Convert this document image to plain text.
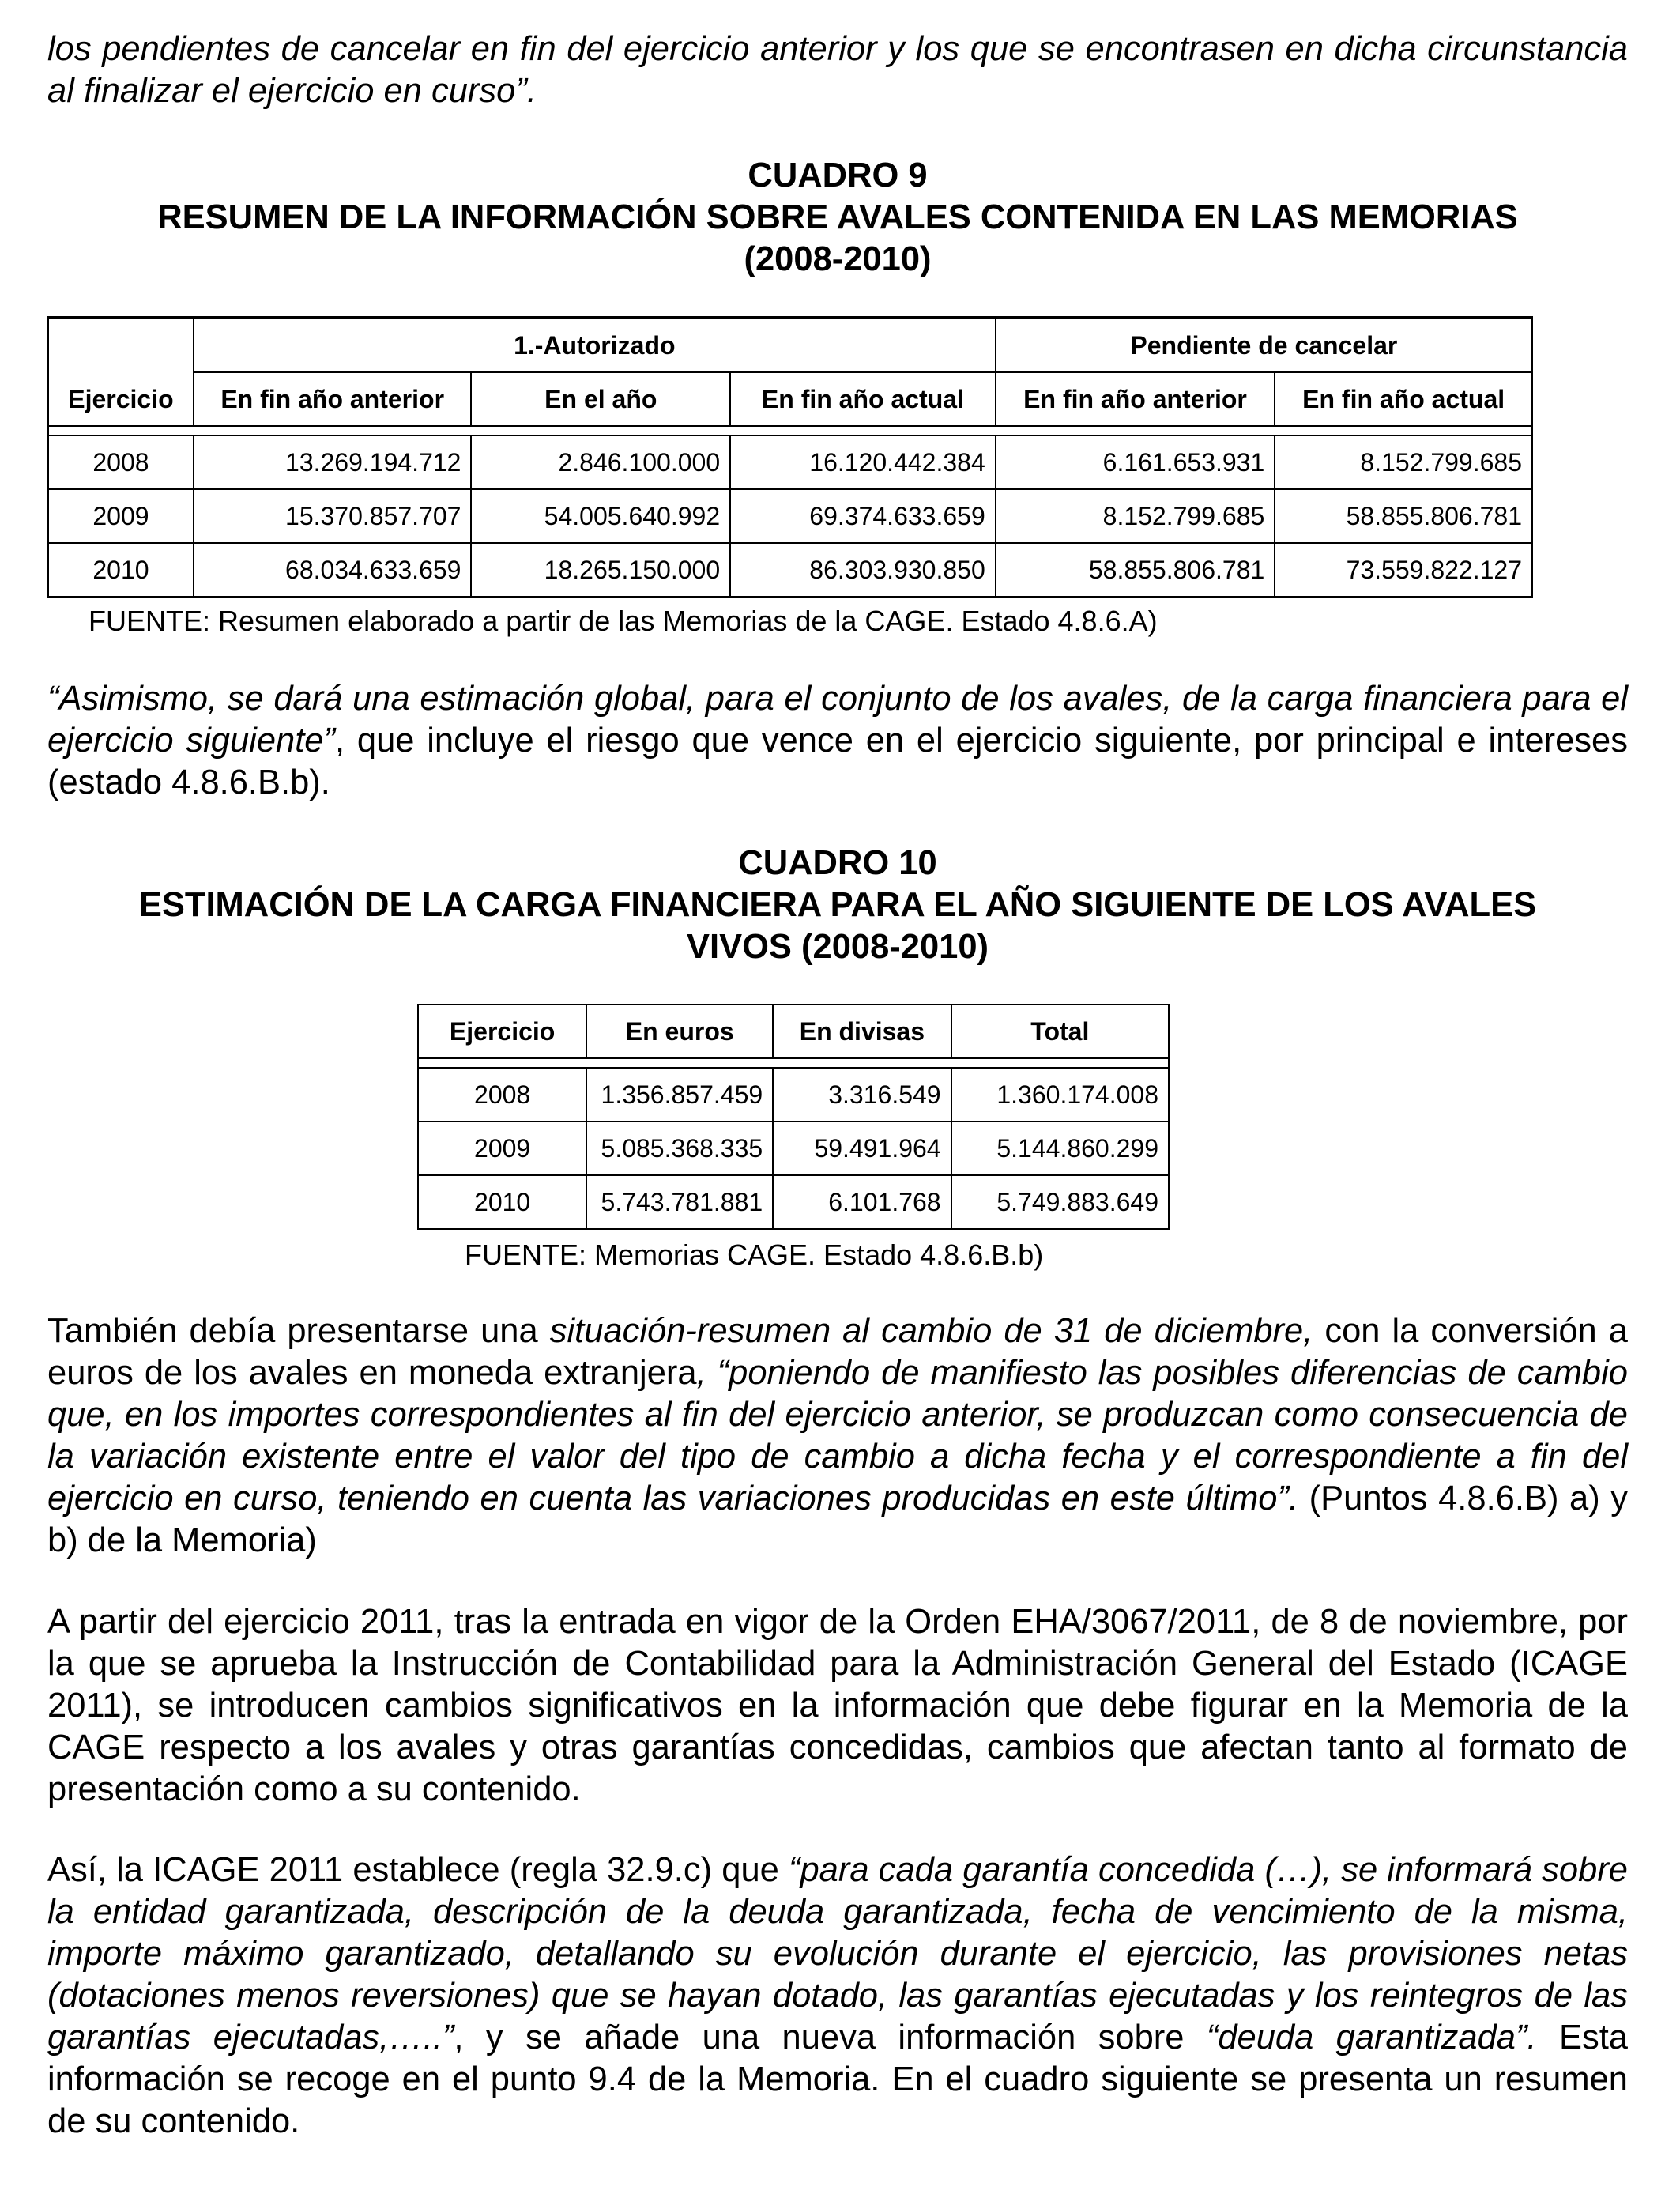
los pendientes de cancelar en fin del ejercicio anterior y los que se encontrasen en dicha circunstancia al finalizar el ejercicio en curso”.

CUADRO 9

RESUMEN DE LA INFORMACIÓN SOBRE AVALES CONTENIDA EN LAS MEMORIAS

(2008-2010)

“Asimismo, se dará una estimación global, para el conjunto de los avales, de la carga financiera para el ejercicio siguiente”, que incluye el riesgo que vence en el ejercicio siguiente, por principal e intereses (estado 4.8.6.B.b).

CUADRO 10

ESTIMACIÓN DE LA CARGA FINANCIERA PARA EL AÑO SIGUIENTE DE LOS AVALES

VIVOS (2008-2010)

También debía presentarse una situación-resumen al cambio de 31 de diciembre, con la conversión a euros de los avales en moneda extranjera, “poniendo de manifiesto las posibles diferencias de cambio que, en los importes correspondientes al fin del ejercicio anterior, se produzcan como consecuencia de la variación existente entre el valor del tipo de cambio a dicha fecha y el correspondiente a fin del ejercicio en curso, teniendo en cuenta las variaciones producidas en este último”. (Puntos 4.8.6.B) a) y b) de la Memoria)

A partir del ejercicio 2011, tras la entrada en vigor de la Orden EHA/3067/2011, de 8 de noviembre, por la que se aprueba la Instrucción de Contabilidad para la Administración General del Estado (ICAGE 2011), se introducen cambios significativos en la información que debe figurar en la Memoria de la CAGE respecto a los avales y otras garantías concedidas, cambios que afectan tanto al formato de presentación como a su contenido.

Así, la ICAGE 2011 establece (regla 32.9.c) que “para cada garantía concedida (…), se informará sobre la entidad garantizada, descripción de la deuda garantizada, fecha de vencimiento de la misma, importe máximo garantizado, detallando su evolución durante el ejercicio, las provisiones netas (dotaciones menos reversiones) que se hayan dotado, las garantías ejecutadas y los reintegros de las garantías ejecutadas,…..”, y se añade una nueva información sobre “deuda garantizada”. Esta información se recoge en el punto 9.4 de la Memoria. En el cuadro siguiente se presenta un resumen de su contenido.

Ejercicio	1.-Autorizado			Pendiente de cancelar	
	En fin año anterior	En el año	En fin año actual	En fin año anterior	En fin año actual

2008	13.269.194.712	2.846.100.000	16.120.442.384	6.161.653.931	8.152.799.685
2009	15.370.857.707	54.005.640.992	69.374.633.659	8.152.799.685	58.855.806.781
2010	68.034.633.659	18.265.150.000	86.303.930.850	58.855.806.781	73.559.822.127

FUENTE: Resumen elaborado a partir de las Memorias de la CAGE. Estado 4.8.6.A)

Ejercicio	En euros	En divisas	Total

2008	1.356.857.459	3.316.549	1.360.174.008
2009	5.085.368.335	59.491.964	5.144.860.299
2010	5.743.781.881	6.101.768	5.749.883.649

FUENTE: Memorias CAGE. Estado 4.8.6.B.b)
